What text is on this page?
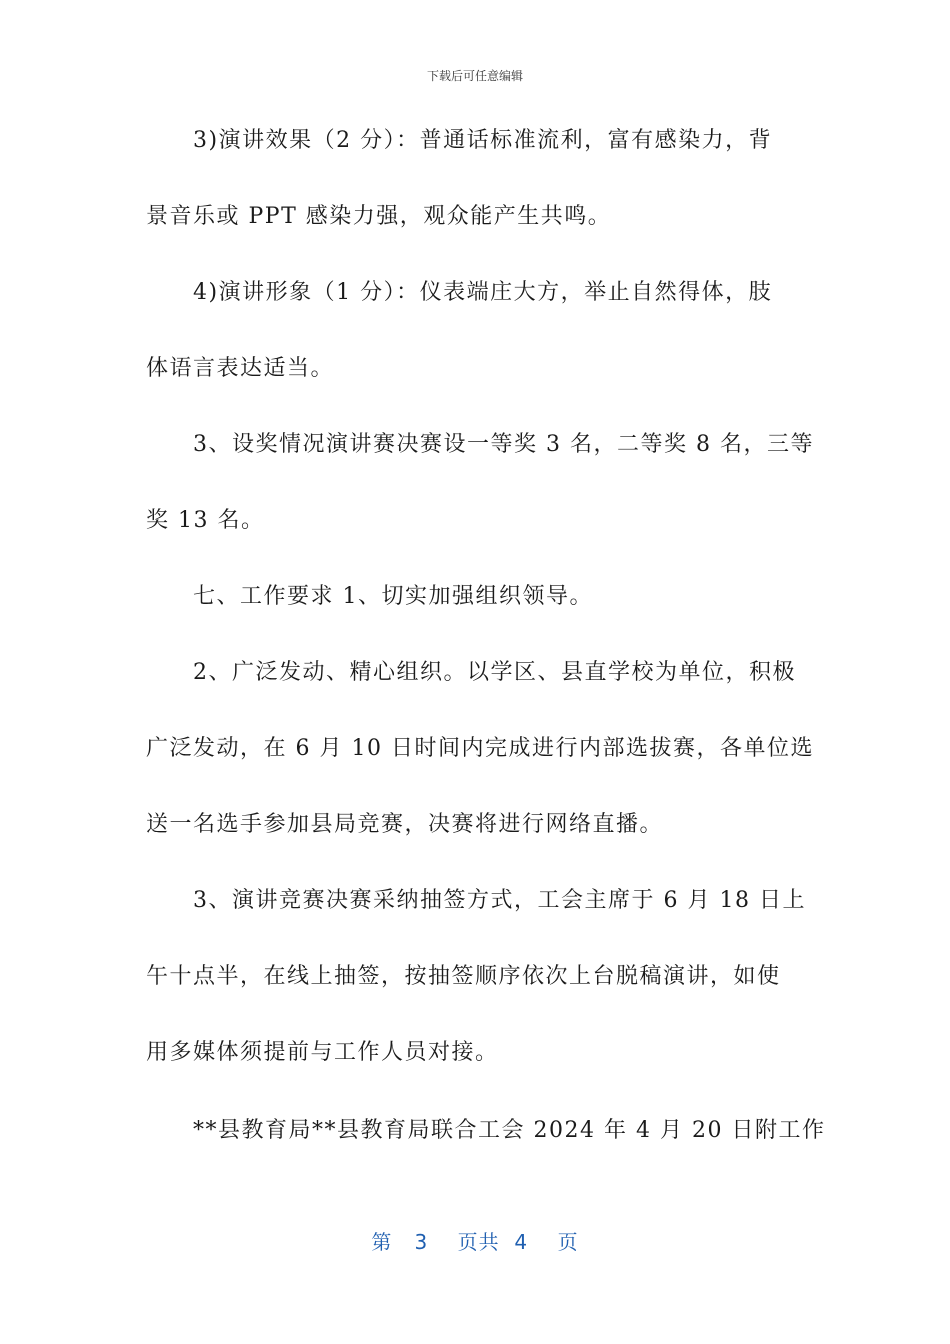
下载后可任意编辑
　　3)演讲效果（2 分）：普通话标准流利，富有感染力，背
景音乐或 PPT 感染力强，观众能产生共鸣。
　　4)演讲形象（1 分）：仪表端庄大方，举止自然得体，肢
体语言表达适当。
　　3、设奖情况演讲赛决赛设一等奖 3 名，二等奖 8 名，三等
奖 13 名。
　　七、工作要求 1、切实加强组织领导。
　　2、广泛发动、精心组织。以学区、县直学校为单位，积极
广泛发动，在 6 月 10 日时间内完成进行内部选拔赛，各单位选
送一名选手参加县局竞赛，决赛将进行网络直播。
　　3、演讲竞赛决赛采纳抽签方式，工会主席于 6 月 18 日上
午十点半，在线上抽签，按抽签顺序依次上台脱稿演讲，如使
用多媒体须提前与工作人员对接。
　　**县教育局**县教育局联合工会 2024 年 4 月 20 日附工作
第 3 页共 4 页
